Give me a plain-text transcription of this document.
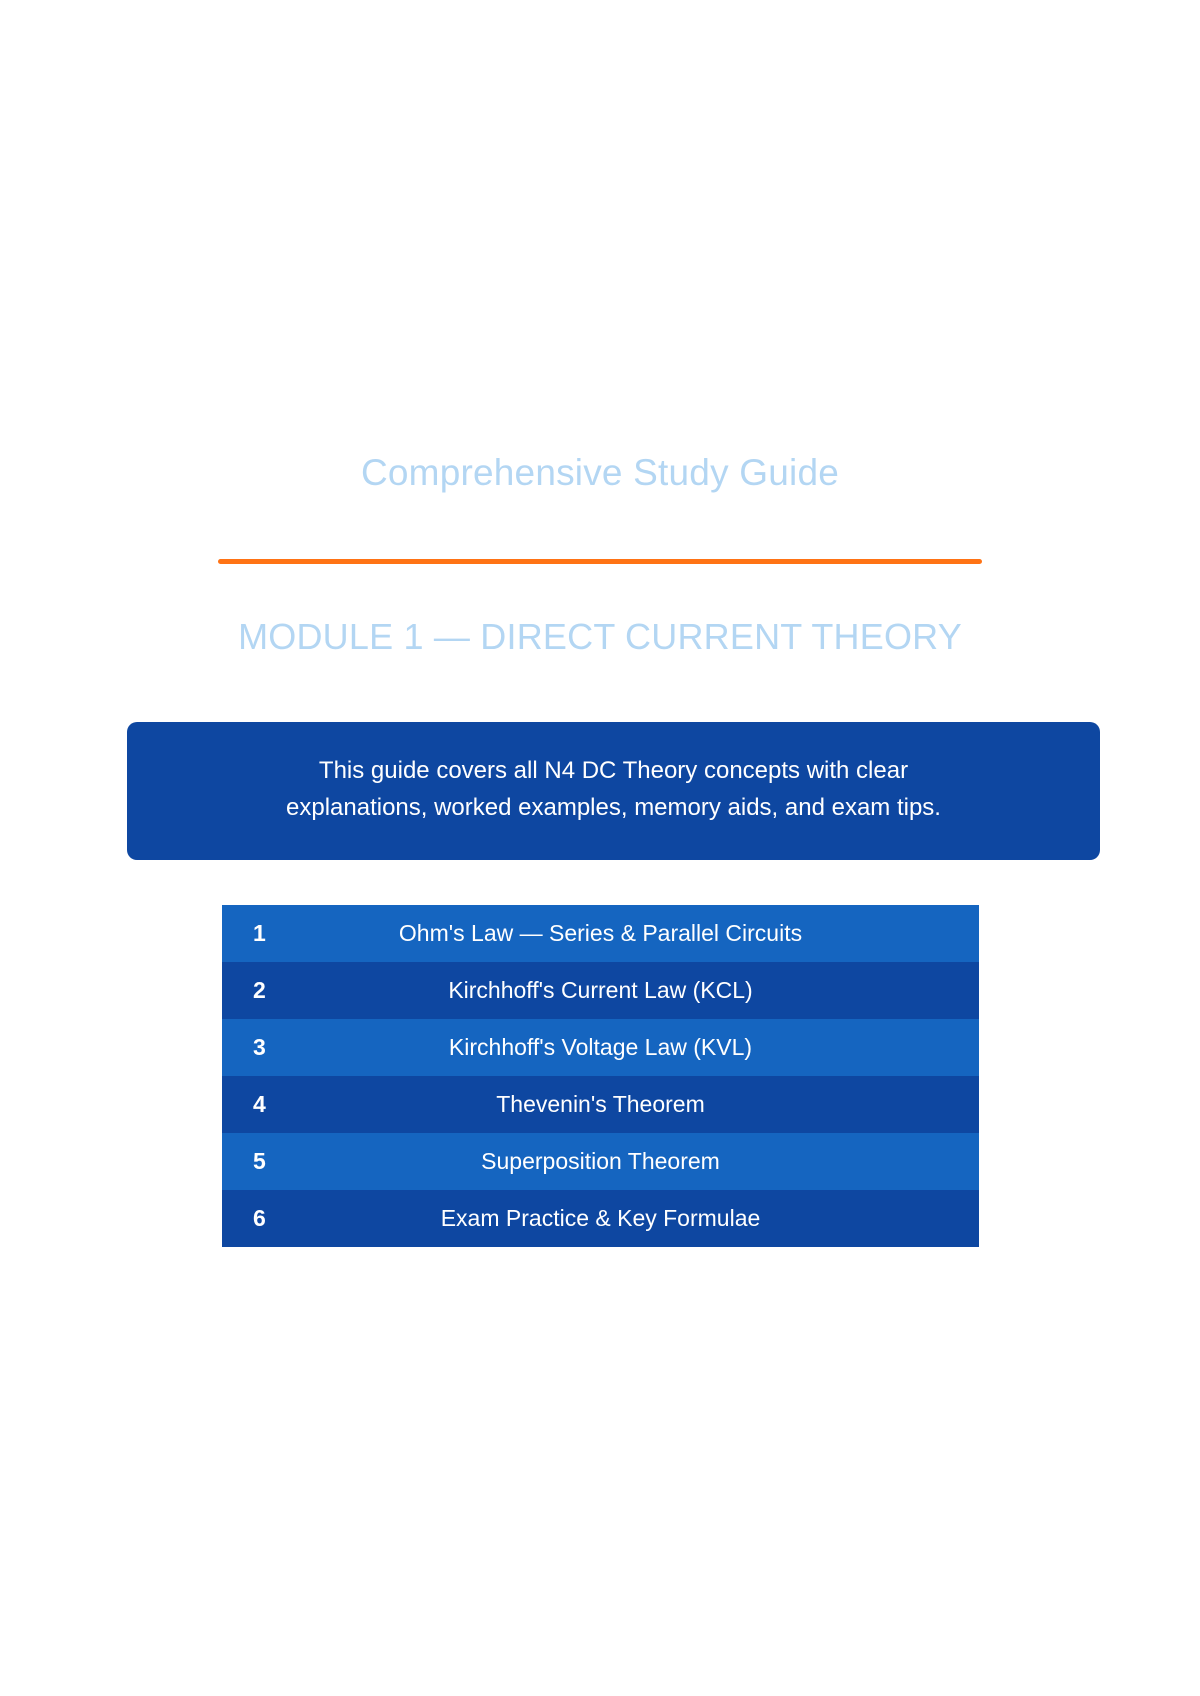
Comprehensive Study Guide
MODULE 1 — DIRECT CURRENT THEORY
This guide covers all N4 DC Theory concepts with clear
explanations, worked examples, memory aids, and exam tips.
1	Ohm's Law — Series & Parallel Circuits
2	Kirchhoff's Current Law (KCL)
3	Kirchhoff's Voltage Law (KVL)
4	Thevenin's Theorem
5	Superposition Theorem
6	Exam Practice & Key Formulae
